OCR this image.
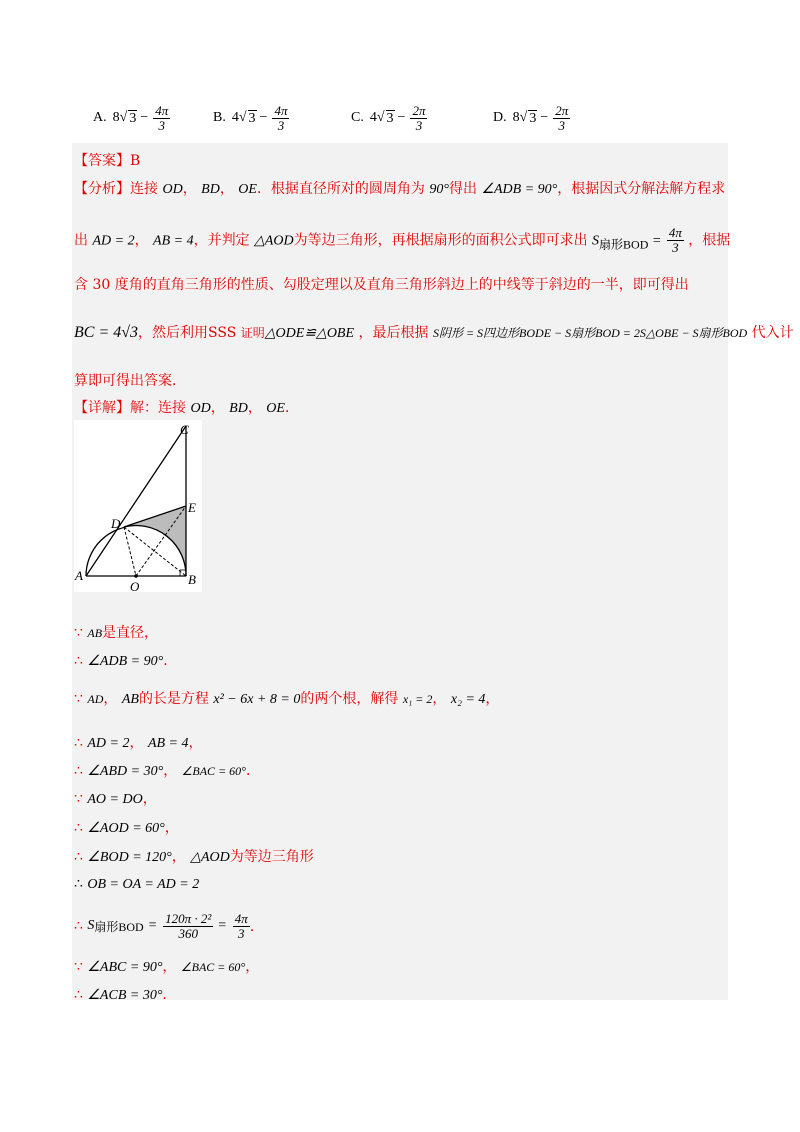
A. 8 √ $3 - \frac{4\pi}{3}$	B. 4 √ $3 - \frac{4\pi}{3}$	C. 4 √ $3 - \frac{2\pi}{3}$	D. 8 √ $3 - \frac{2\pi}{3}$
【答案】B
【分析】连接 OD， BD， OE．根据直径所对的圆周角为 90°得出 ∠ADB = 90°，根据因式分解法解方程求
出 AD = 2， AB = 4，并判定 △AOD为等边三角形，再根据扇形的面积公式即可求出 $S_{扇形BOD} = \frac{4\pi}{3}$ ，根据
含 30 度角的直角三角形的性质、勾股定理以及直角三角形斜边上的中线等于斜边的一半，即可得出
BC = 4√3，然后利用SSS 证明△ODE≌△OBE ，最后根据 S阴形 = S四边形BODE − S扇形BOD = 2S△OBE − S扇形BOD 代入计
算即可得出答案．
【详解】解：连接 OD， BD， OE．
A	B
C
D
E
O
∵ AB是直径，
∴ ∠ADB = 90°．
∵ AD， AB的长是方程 x² − 6x + 8 = 0的两个根，解得 x₁ = 2， x₂ = 4，
∴ AD = 2， AB = 4，
∴ ∠ABD = 30°， ∠BAC = 60°．
∵ AO = DO，
∴ ∠AOD = 60°，
∴ ∠BOD = 120°， △AOD为等边三角形
∴ OB = OA = AD = 2
∴
S 扇形BOD = $\frac{\text{120π · 2²}}{360} = \frac{4\pi}{3}$ ．
∵ ∠ABC = 90°， ∠BAC = 60°，
∴ ∠ACB = 30°．
